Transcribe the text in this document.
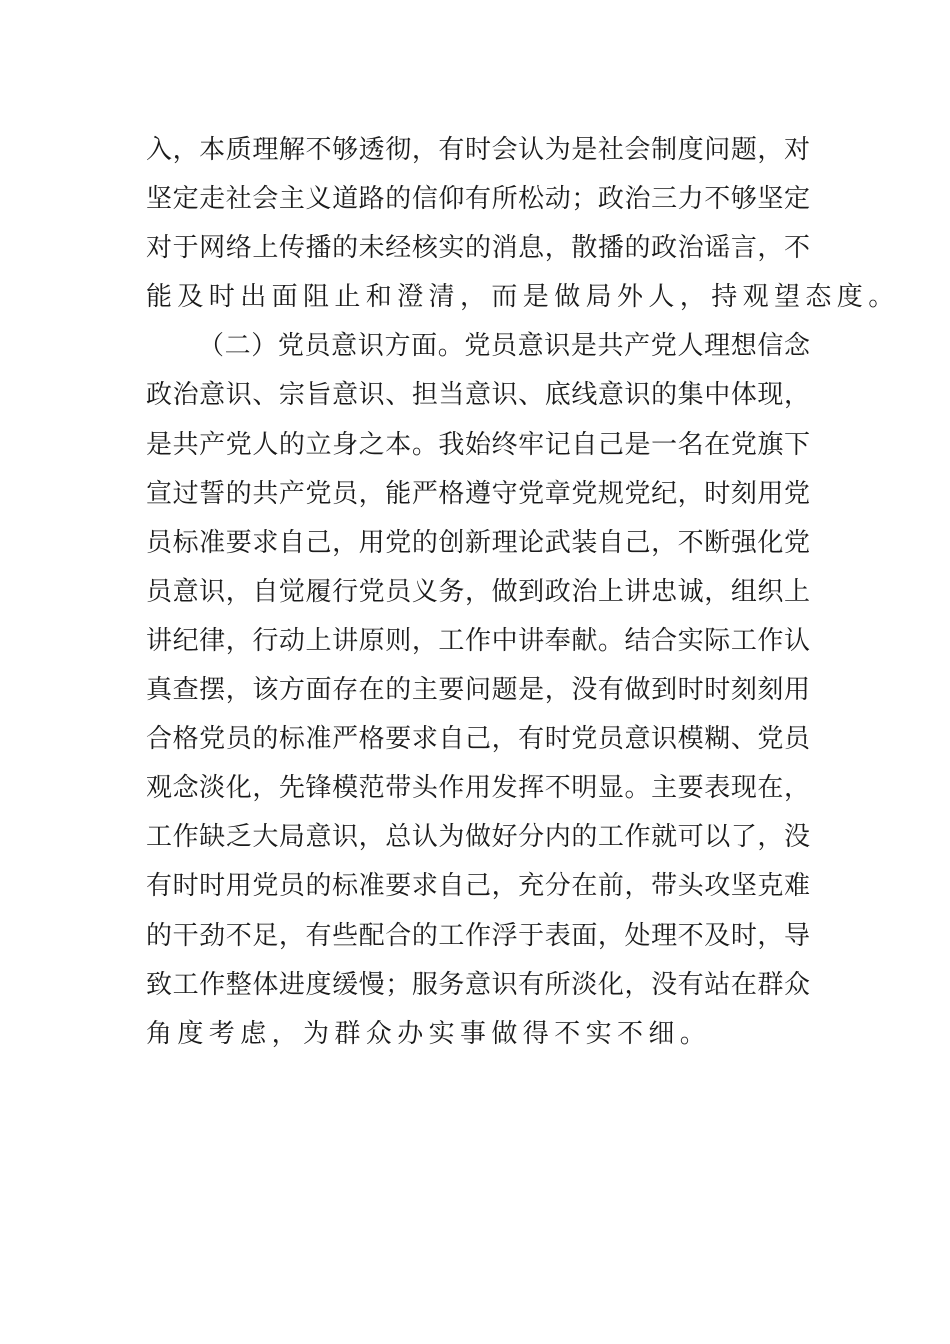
入，本质理解不够透彻，有时会认为是社会制度问题，对
坚定走社会主义道路的信仰有所松动；政治三力不够坚定
对于网络上传播的未经核实的消息，散播的政治谣言，不
能及时出面阻止和澄清，而是做局外人，持观望态度。
（二）党员意识方面。党员意识是共产党人理想信念
政治意识、宗旨意识、担当意识、底线意识的集中体现，
是共产党人的立身之本。我始终牢记自己是一名在党旗下
宣过誓的共产党员，能严格遵守党章党规党纪，时刻用党
员标准要求自己，用党的创新理论武装自己，不断强化党
员意识，自觉履行党员义务，做到政治上讲忠诚，组织上
讲纪律，行动上讲原则，工作中讲奉献。结合实际工作认
真查摆，该方面存在的主要问题是，没有做到时时刻刻用
合格党员的标准严格要求自己，有时党员意识模糊、党员
观念淡化，先锋模范带头作用发挥不明显。主要表现在，
工作缺乏大局意识，总认为做好分内的工作就可以了，没
有时时用党员的标准要求自己，充分在前，带头攻坚克难
的干劲不足，有些配合的工作浮于表面，处理不及时，导
致工作整体进度缓慢；服务意识有所淡化，没有站在群众
角度考虑，为群众办实事做得不实不细。
